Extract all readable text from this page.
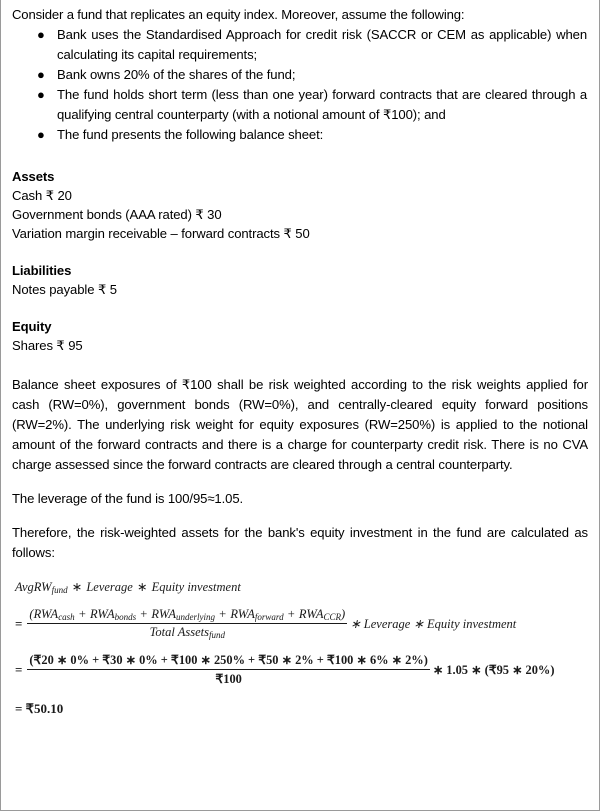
Consider a fund that replicates an equity index. Moreover, assume the following:

● Bank uses the Standardised Approach for credit risk (SACCR or CEM as applicable) when calculating its capital requirements;
● Bank owns 20% of the shares of the fund;
● The fund holds short term (less than one year) forward contracts that are cleared through a qualifying central counterparty (with a notional amount of ₹100); and
● The fund presents the following balance sheet:
Assets
Cash ₹ 20
Government bonds (AAA rated) ₹ 30
Variation margin receivable – forward contracts ₹ 50
Liabilities
Notes payable ₹ 5
Equity
Shares ₹ 95

Balance sheet exposures of ₹100 shall be risk weighted according to the risk weights applied for cash (RW=0%), government bonds (RW=0%), and centrally-cleared equity forward positions (RW=2%). The underlying risk weight for equity exposures (RW=250%) is applied to the notional amount of the forward contracts and there is a charge for counterparty credit risk. There is no CVA charge assessed since the forward contracts are cleared through a central counterparty.

The leverage of the fund is 100/95≈1.05.

Therefore, the risk-weighted assets for the bank's equity investment in the fund are calculated as follows:

AvgRW$_{fund}$ ∗ Leverage ∗ Equity investment
= $\frac{(RWA_{cash} + RWA_{bonds} + RWA_{underlying} + RWA_{forward} + RWA_{CCR})}{Total Assets_{fund}}$ ∗ Leverage ∗ Equity investment
=
(₹20 ∗ 0% + ₹30 ∗ 0% + ₹100 ∗ 250% + ₹50 ∗ 2% + ₹100 ∗ 6% ∗ 2%)
₹100
∗ 1.05 ∗ (₹95 ∗ 20%)
= ₹50.10
